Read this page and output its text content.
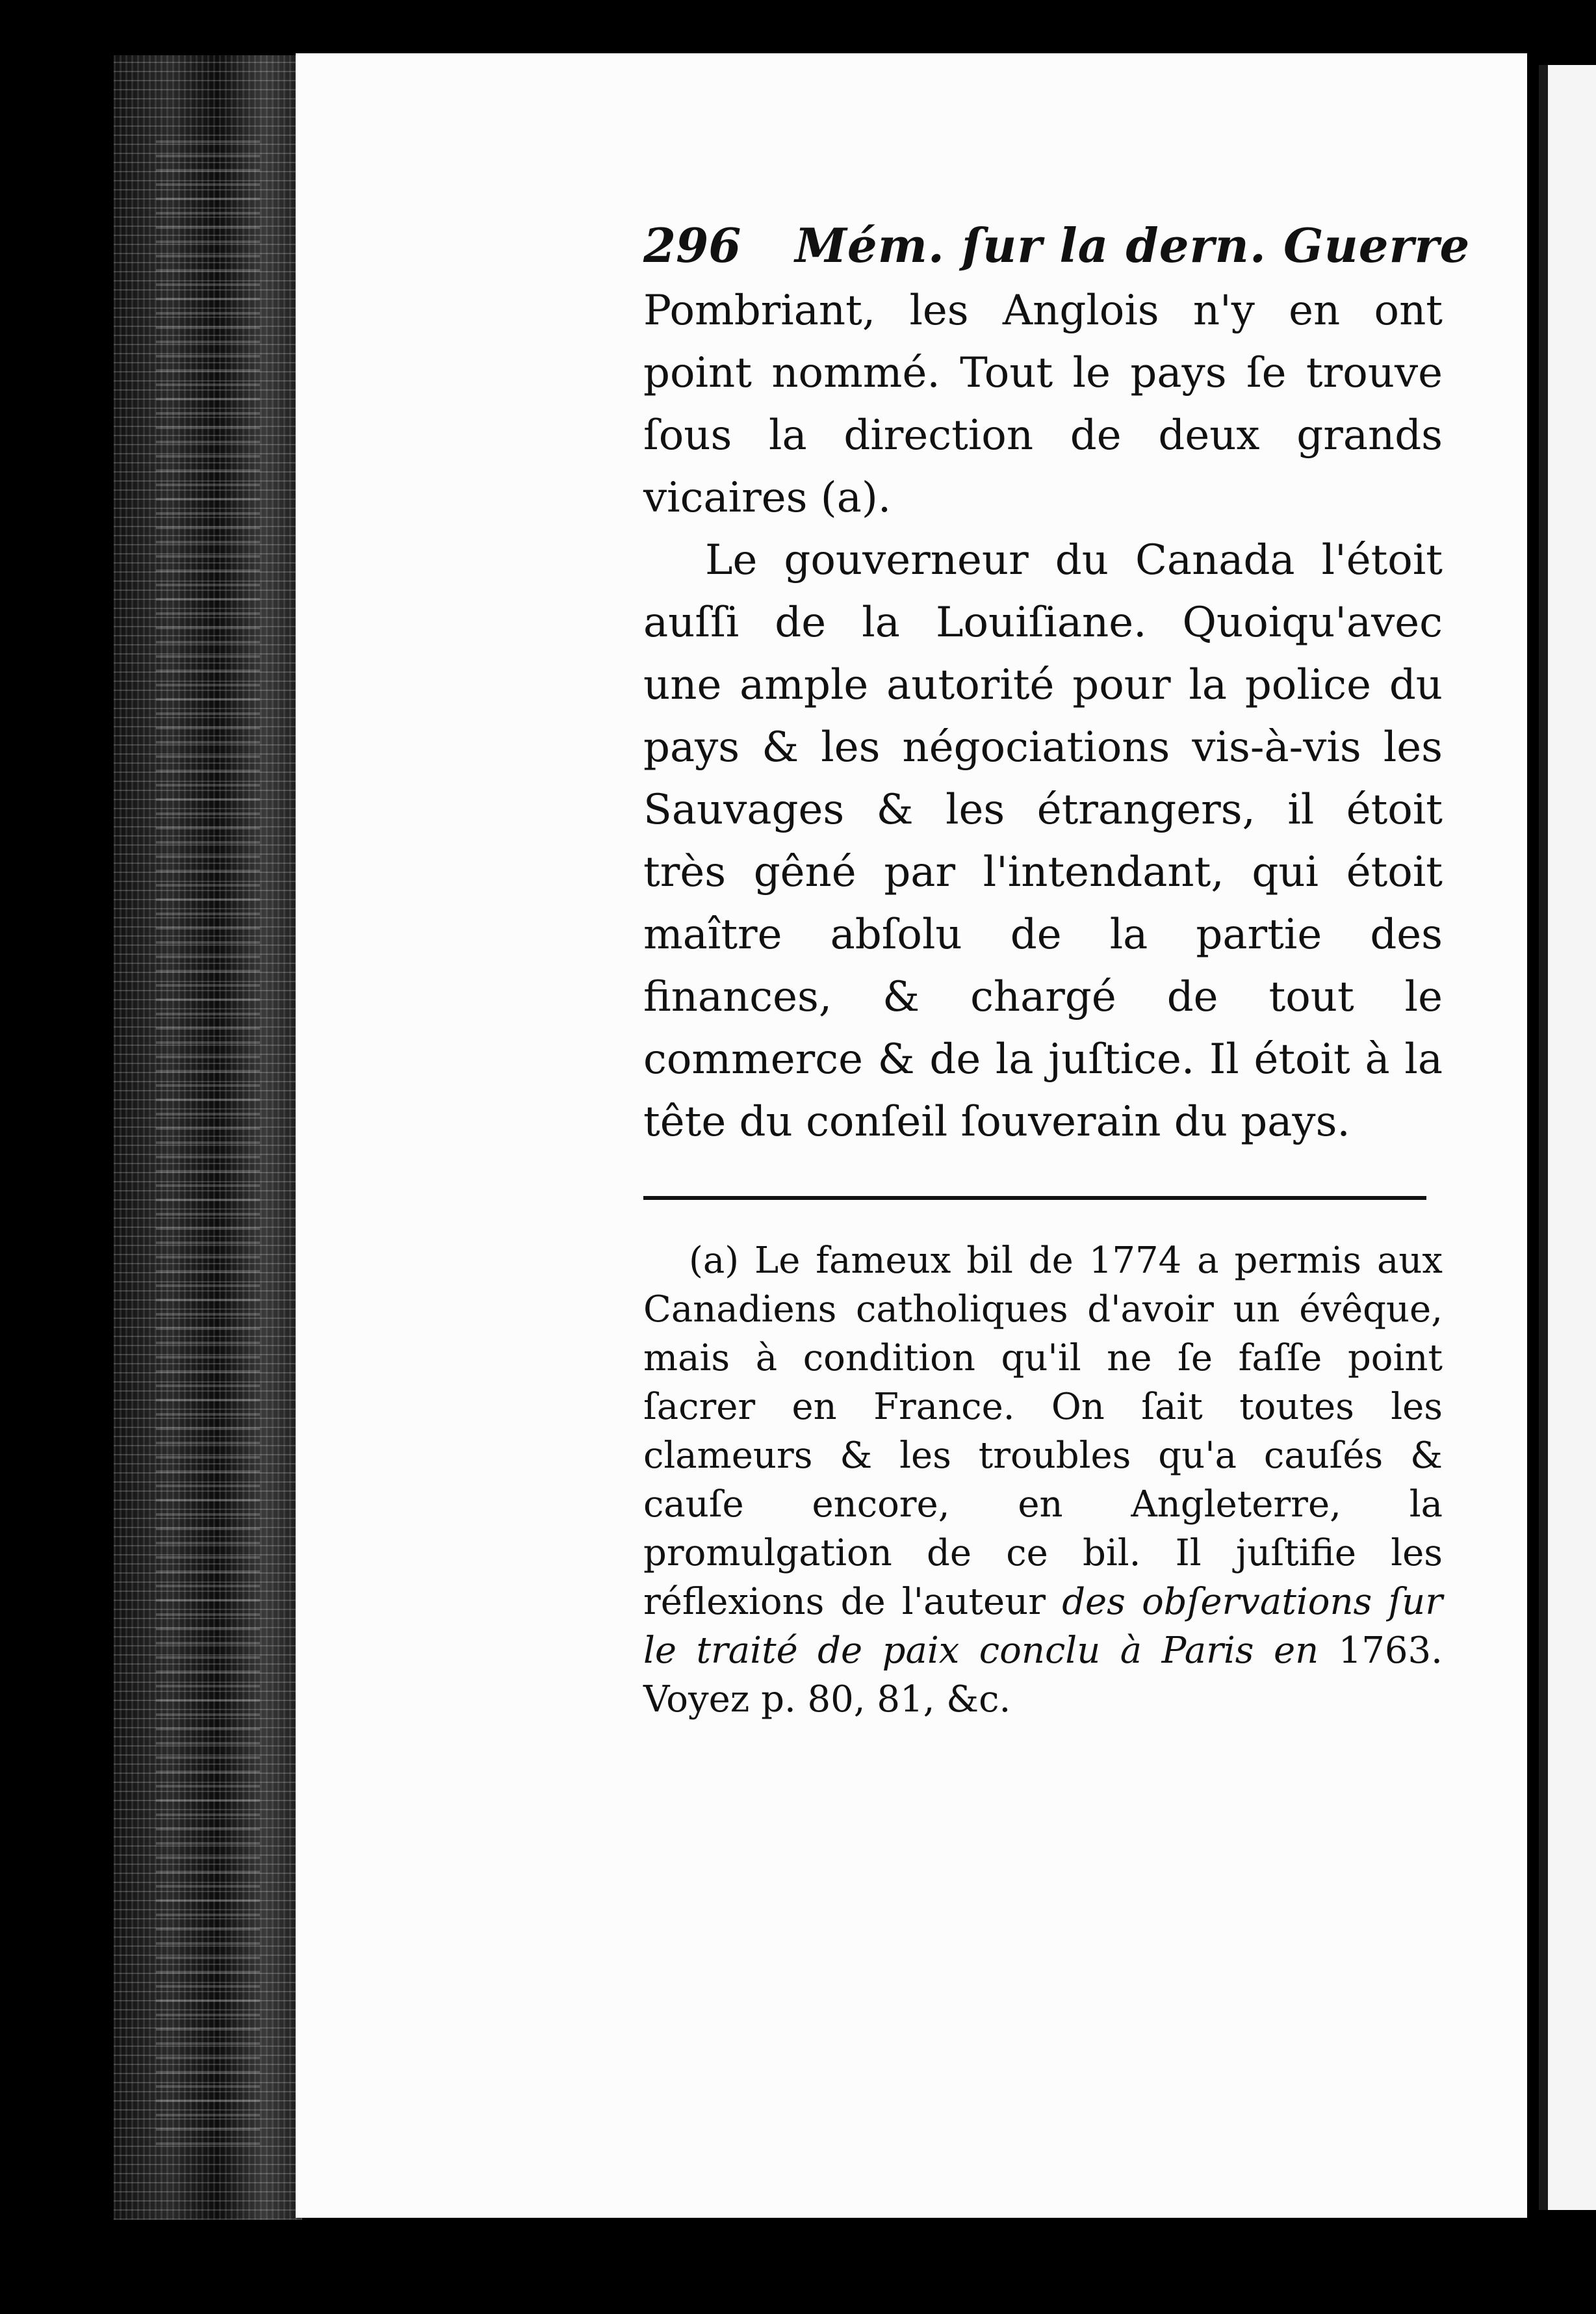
296 Mém. ſur la dern. Guerre

Pombriant, les Anglois n'y en ont point nommé. Tout le pays ſe trouve ſous la direction de deux grands vicaires (a).

Le gouverneur du Canada l'étoit auſſi de la Louiſiane. Quoiqu'avec une ample autorité pour la police du pays & les négociations vis-à-vis les Sauvages & les étrangers, il étoit très gêné par l'intendant, qui étoit maître abſolu de la partie des finances, & chargé de tout le commerce & de la juſtice. Il étoit à la tête du conſeil ſouverain du pays.

(a) Le fameux bil de 1774 a permis aux Canadiens catholiques d'avoir un évêque, mais à condition qu'il ne ſe faſſe point ſacrer en France. On ſait toutes les clameurs & les troubles qu'a cauſés & cauſe encore, en Angleterre, la promulgation de ce bil. Il juſtifie les réflexions de l'auteur des obſervations ſur le traité de paix conclu à Paris en 1763. Voyez p. 80, 81, &c.
